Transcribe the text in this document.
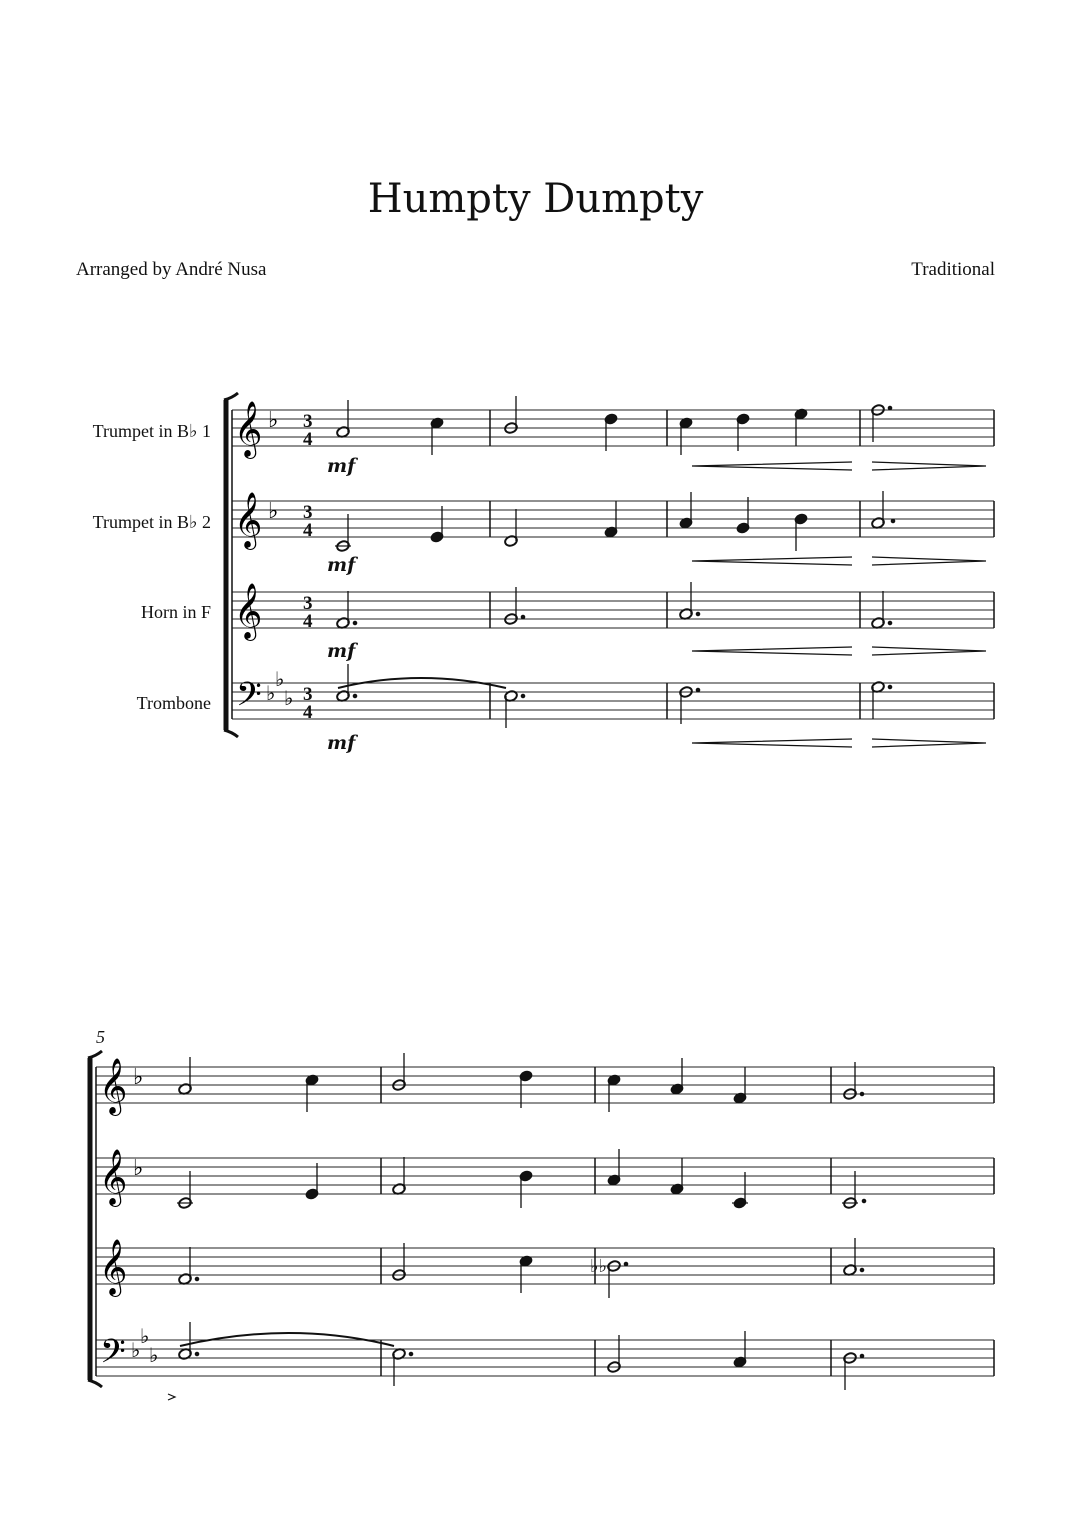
Humpty Dumpty
Arranged by André Nusa	Traditional
Trumpet in B♭ 1
Trumpet in B♭ 2
Horn in F
Trombone
𝄞
𝄞
𝄞
𝄢
♭
♭
♭
♭
♭
3
4
3
4
3
4
3
4
mf
mf
mf
mf
5
𝄞
𝄞
𝄞
𝄢
♭
♭
♭
♭
♭
♭♭
